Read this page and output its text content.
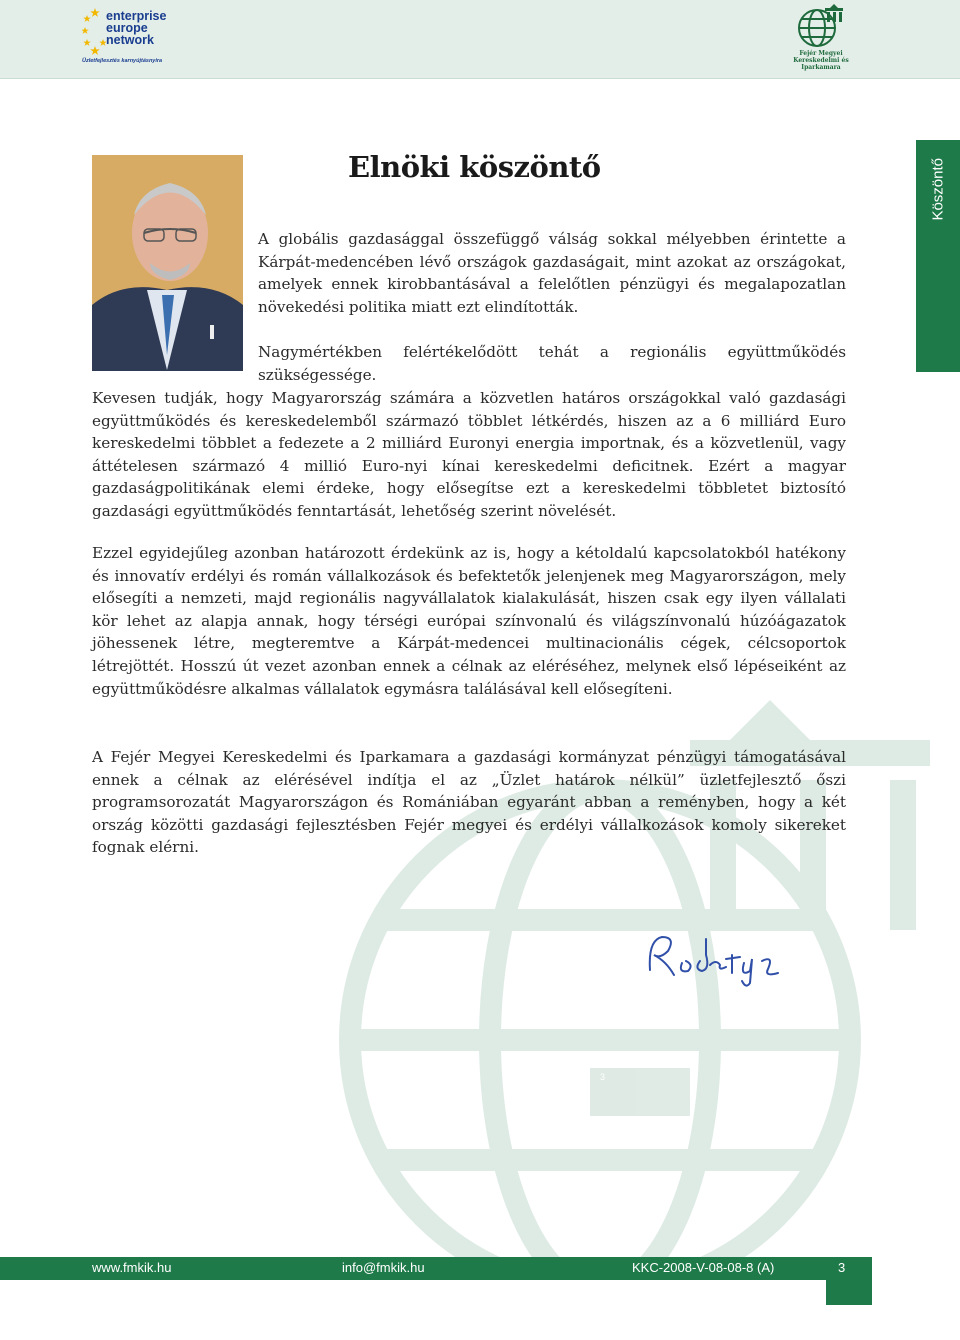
enterprise
europe
network
Üzletfejlesztés karnyújtásnyira
Fejér Megyei
Kereskedelmi és Iparkamara
Köszöntő
Elnöki köszöntő

A globális gazdasággal összefüggő válság sokkal mélyebben érintette a Kárpát-medencében lévő országok gazdaságait, mint azokat az országokat, amelyek ennek kirobbantásával a felelőtlen pénzügyi és megalapozatlan növekedési politika miatt ezt elindították.

Nagymértékben felértékelődött tehát a regionális együttműködés szükségessége.

Kevesen tudják, hogy Magyarország számára a közvetlen határos országokkal való gazdasági együttműködés és kereskedelemből származó többlet létkérdés, hiszen az a 6 milliárd Euro kereskedelmi többlet a fedezete a 2 milliárd Euronyi energia importnak, és a közvetlenül, vagy áttételesen származó 4 millió Euro-nyi kínai kereskedelmi deficitnek. Ezért a magyar gazdaságpolitikának elemi érdeke, hogy elősegítse ezt a kereskedelmi többletet biztosító gazdasági együttműködés fenntartását, lehetőség szerint növelését.

Ezzel egyidejűleg azonban határozott érdekünk az is, hogy a kétoldalú kapcsolatokból hatékony és innovatív erdélyi és román vállalkozások és befektetők jelenjenek meg Magyarországon, mely elősegíti a nemzeti, majd regionális nagyvállalatok kialakulását, hiszen csak egy ilyen vállalati kör lehet az alapja annak, hogy térségi európai színvonalú és világszínvonalú húzóágazatok jöhessenek létre, megteremtve a Kárpát-medencei multinacionális cégek, célcsoportok létrejöttét. Hosszú út vezet azonban ennek a célnak az eléréséhez, melynek első lépéseiként az együttműködésre alkalmas vállalatok egymásra találásával kell elősegíteni.

A Fejér Megyei Kereskedelmi és Iparkamara a gazdasági kormányzat pénzügyi támogatásával ennek a célnak az elérésével indítja el az „Üzlet határok nélkül” üzletfejlesztő őszi programsorozatát Magyarországon és Romániában egyaránt abban a reményben, hogy a két ország közötti gazdasági fejlesztésben Fejér megyei és erdélyi vállalkozások komoly sikereket fognak elérni.

3
www.fmkik.hu	info@fmkik.hu	KKC-2008-V-08-08-8 (A)	3
